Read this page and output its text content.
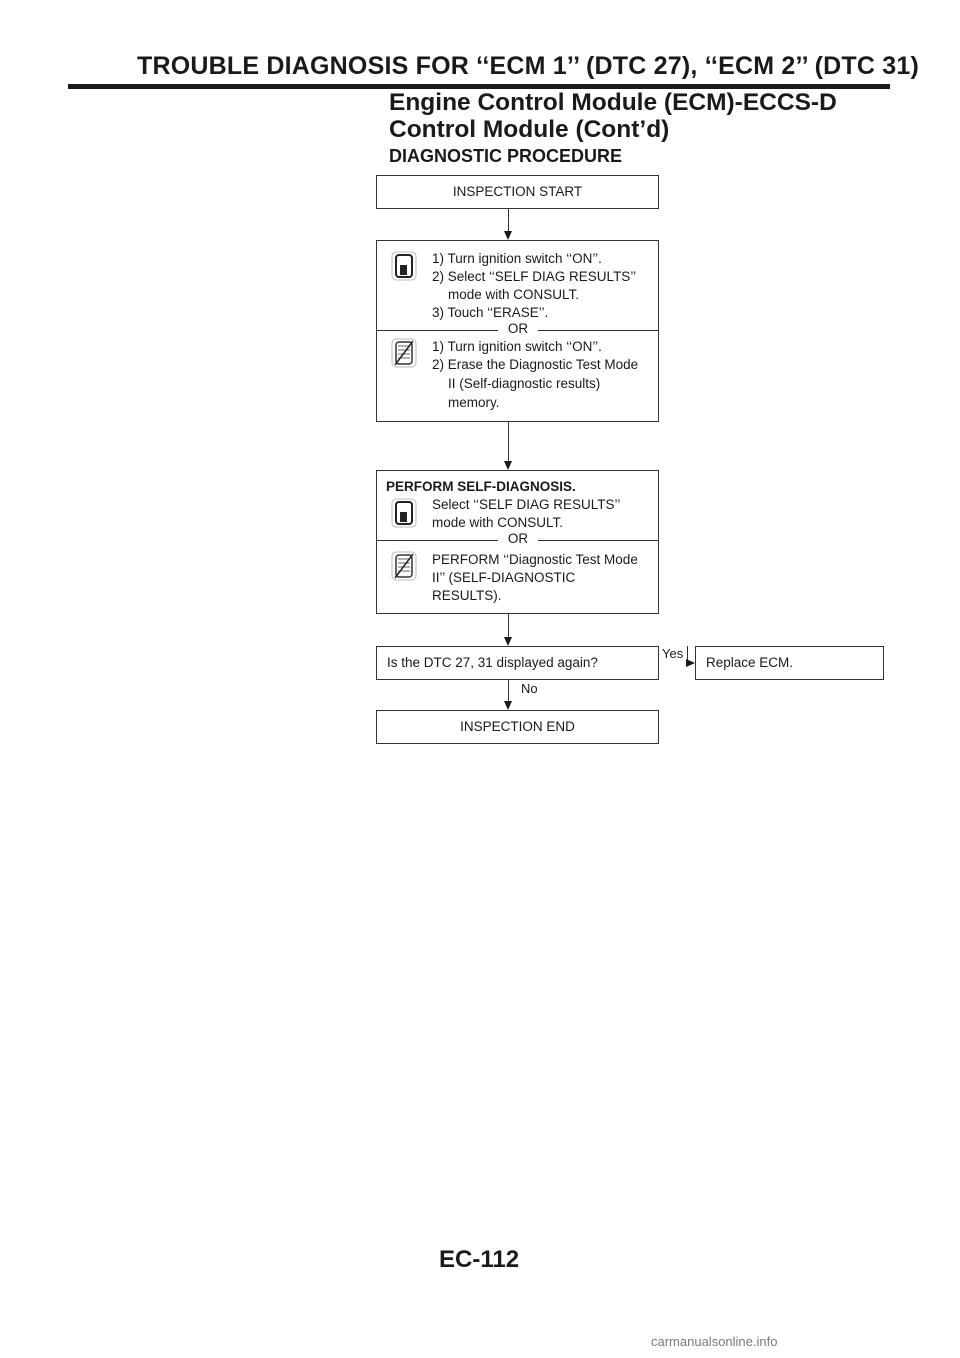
TROUBLE DIAGNOSIS FOR ‘‘ECM 1’’ (DTC 27), ‘‘ECM 2’’ (DTC 31)
Engine Control Module (ECM)-ECCS-D Control Module (Cont’d)
DIAGNOSTIC PROCEDURE
INSPECTION START
1) Turn ignition switch ‘‘ON’’.
2) Select ‘‘SELF DIAG RESULTS’’
mode with CONSULT.
3) Touch ‘‘ERASE’’.
OR
1) Turn ignition switch ‘‘ON’’.
2) Erase the Diagnostic Test Mode
II (Self-diagnostic results)
memory.
PERFORM SELF-DIAGNOSIS.
Select ‘‘SELF DIAG RESULTS’’
mode with CONSULT.
OR
PERFORM ‘‘Diagnostic Test Mode
II’’ (SELF-DIAGNOSTIC
RESULTS).
Is the DTC 27, 31 displayed again?
Yes
Replace ECM.
No
INSPECTION END
EC-112
carmanualsonline.info
